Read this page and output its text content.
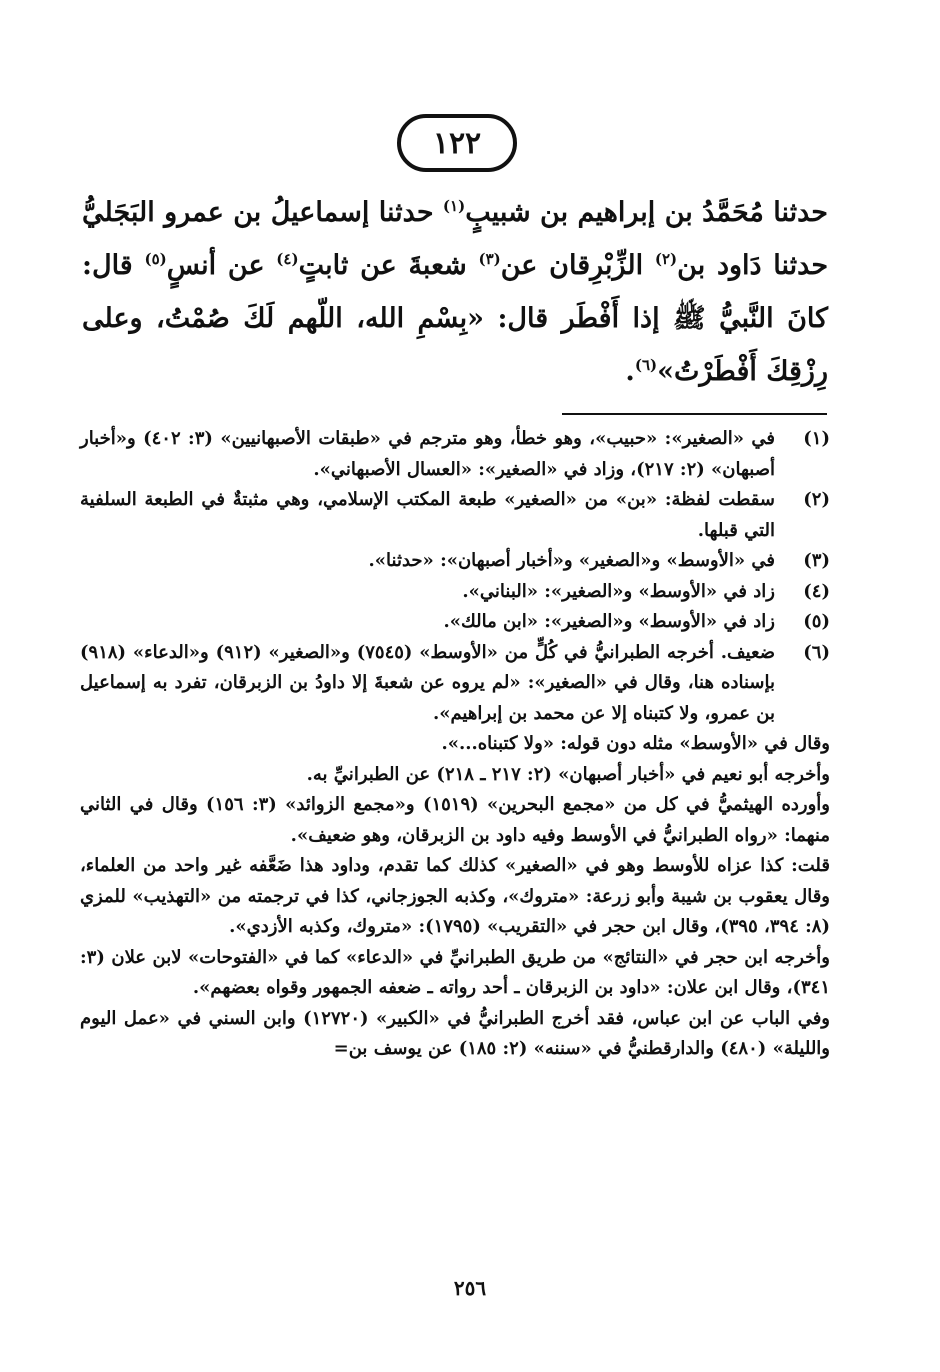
١٢٢

حدثنا مُحَمَّدُ بن إبراهيم بن شبيبٍ$^{(١)}$ حدثنا إسماعيلُ بن عمرو البَجَليُّ حدثنا دَاود بن$^{(٢)}$ الزِّبْرِقان عن$^{(٣)}$ شعبةَ عن ثابتٍ$^{(٤)}$ عن أنسٍ$^{(٥)}$ قال: كانَ النَّبيُّ ﷺ إذا أَفْطَر قال: «بِسْمِ الله، اللّهم لَكَ صُمْتُ، وعلى رِزْقِكَ أَفْطَرْتُ»$^{(٦)}$.

(١)

في «الصغير»: «حبيب»، وهو خطأ، وهو مترجم في «طبقات الأصبهانيين» (٣: ٤٠٢) و«أخبار أصبهان» (٢: ٢١٧)، وزاد في «الصغير»: «العسال الأصبهاني».

(٢)

سقطت لفظة: «بن» من «الصغير» طبعة المكتب الإسلامي، وهي مثبتةٌ في الطبعة السلفية التي قبلها.

(٣)

في «الأوسط» و«الصغير» و«أخبار أصبهان»: «حدثنا».

(٤)

زاد في «الأوسط» و«الصغير»: «البناني».

(٥)

زاد في «الأوسط» و«الصغير»: «ابن مالك».

(٦)

ضعيف. أخرجه الطبرانيُّ في كُلٍّ من «الأوسط» (٧٥٤٥) و«الصغير» (٩١٢) و«الدعاء» (٩١٨) بإسناده هنا، وقال في «الصغير»: «لم يروه عن شعبةَ إلا داودُ بن الزبرقان، تفرد به إسماعيل بن عمرو، ولا كتبناه إلا عن محمد بن إبراهيم».

وقال في «الأوسط» مثله دون قوله: «ولا كتبناه...».

وأخرجه أبو نعيم في «أخبار أصبهان» (٢: ٢١٧ ـ ٢١٨) عن الطبرانيِّ به.

وأورده الهيثميُّ في كل من «مجمع البحرين» (١٥١٩) و«مجمع الزوائد» (٣: ١٥٦) وقال في الثاني منهما: «رواه الطبرانيُّ في الأوسط وفيه داود بن الزبرقان، وهو ضعيف».

قلت: كذا عزاه للأوسط وهو في «الصغير» كذلك كما تقدم، وداود هذا ضَعَّفه غير واحد من العلماء، وقال يعقوب بن شيبة وأبو زرعة: «متروك»، وكذبه الجوزجاني، كذا في ترجمته من «التهذيب» للمزي (٨: ٣٩٤، ٣٩٥)، وقال ابن حجر في «التقريب» (١٧٩٥): «متروك، وكذبه الأزدي».

وأخرجه ابن حجر في «النتائج» من طريق الطبرانيِّ في «الدعاء» كما في «الفتوحات» لابن علان (٣: ٣٤١)، وقال ابن علان: «داود بن الزبرقان ـ أحد رواته ـ ضعفه الجمهور وقواه بعضهم».

وفي الباب عن ابن عباس، فقد أخرج الطبرانيُّ في «الكبير» (١٢٧٢٠) وابن السني في «عمل اليوم والليلة» (٤٨٠) والدارقطنيُّ في «سننه» (٢: ١٨٥) عن يوسف بن=

٢٥٦
